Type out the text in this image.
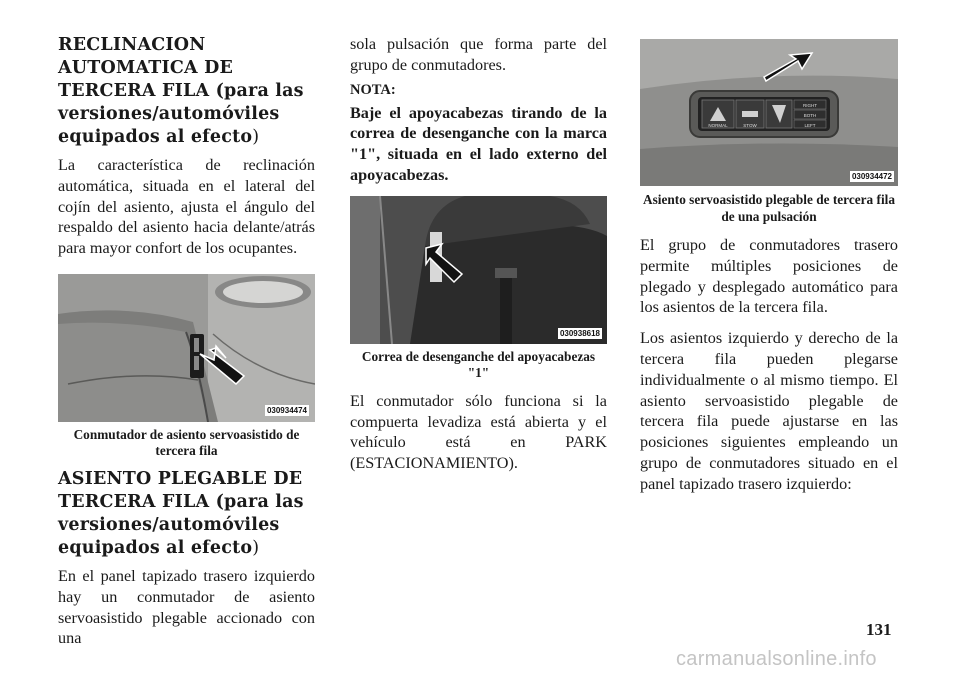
RECLINACION AUTOMATICA DE TERCERA FILA (para las versiones/automóviles equipados al efecto)

La característica de reclinación automática, situada en el lateral del cojín del asiento, ajusta el ángulo del respaldo del asiento hacia delante/atrás para mayor confort de los ocupantes.

030934474

Conmutador de asiento servoasistido de tercera fila

ASIENTO PLEGABLE DE TERCERA FILA (para las versiones/automóviles equipados al efecto)

En el panel tapizado trasero izquierdo hay un conmutador de asiento servoasistido plegable accionado con una

sola pulsación que forma parte del grupo de conmutadores.

NOTA:

Baje el apoyacabezas tirando de la correa de desenganche con la marca "1", situada en el lado externo del apoyacabezas.

030938618

Correa de desenganche del apoyacabezas "1"

El conmutador sólo funciona si la compuerta levadiza está abierta y el vehículo está en PARK (ESTACIONAMIENTO).

NORMAL	STOW
RIGHT
BOTH
LEFT
030934472

Asiento servoasistido plegable de tercera fila de una pulsación

El grupo de conmutadores trasero permite múltiples posiciones de plegado y desplegado automático para los asientos de la tercera fila.

Los asientos izquierdo y derecho de la tercera fila pueden plegarse individualmente o al mismo tiempo. El asiento servoasistido plegable de tercera fila puede ajustarse en las posiciones siguientes empleando un grupo de conmutadores situado en el panel tapizado trasero izquierdo:

131
carmanualsonline.info
